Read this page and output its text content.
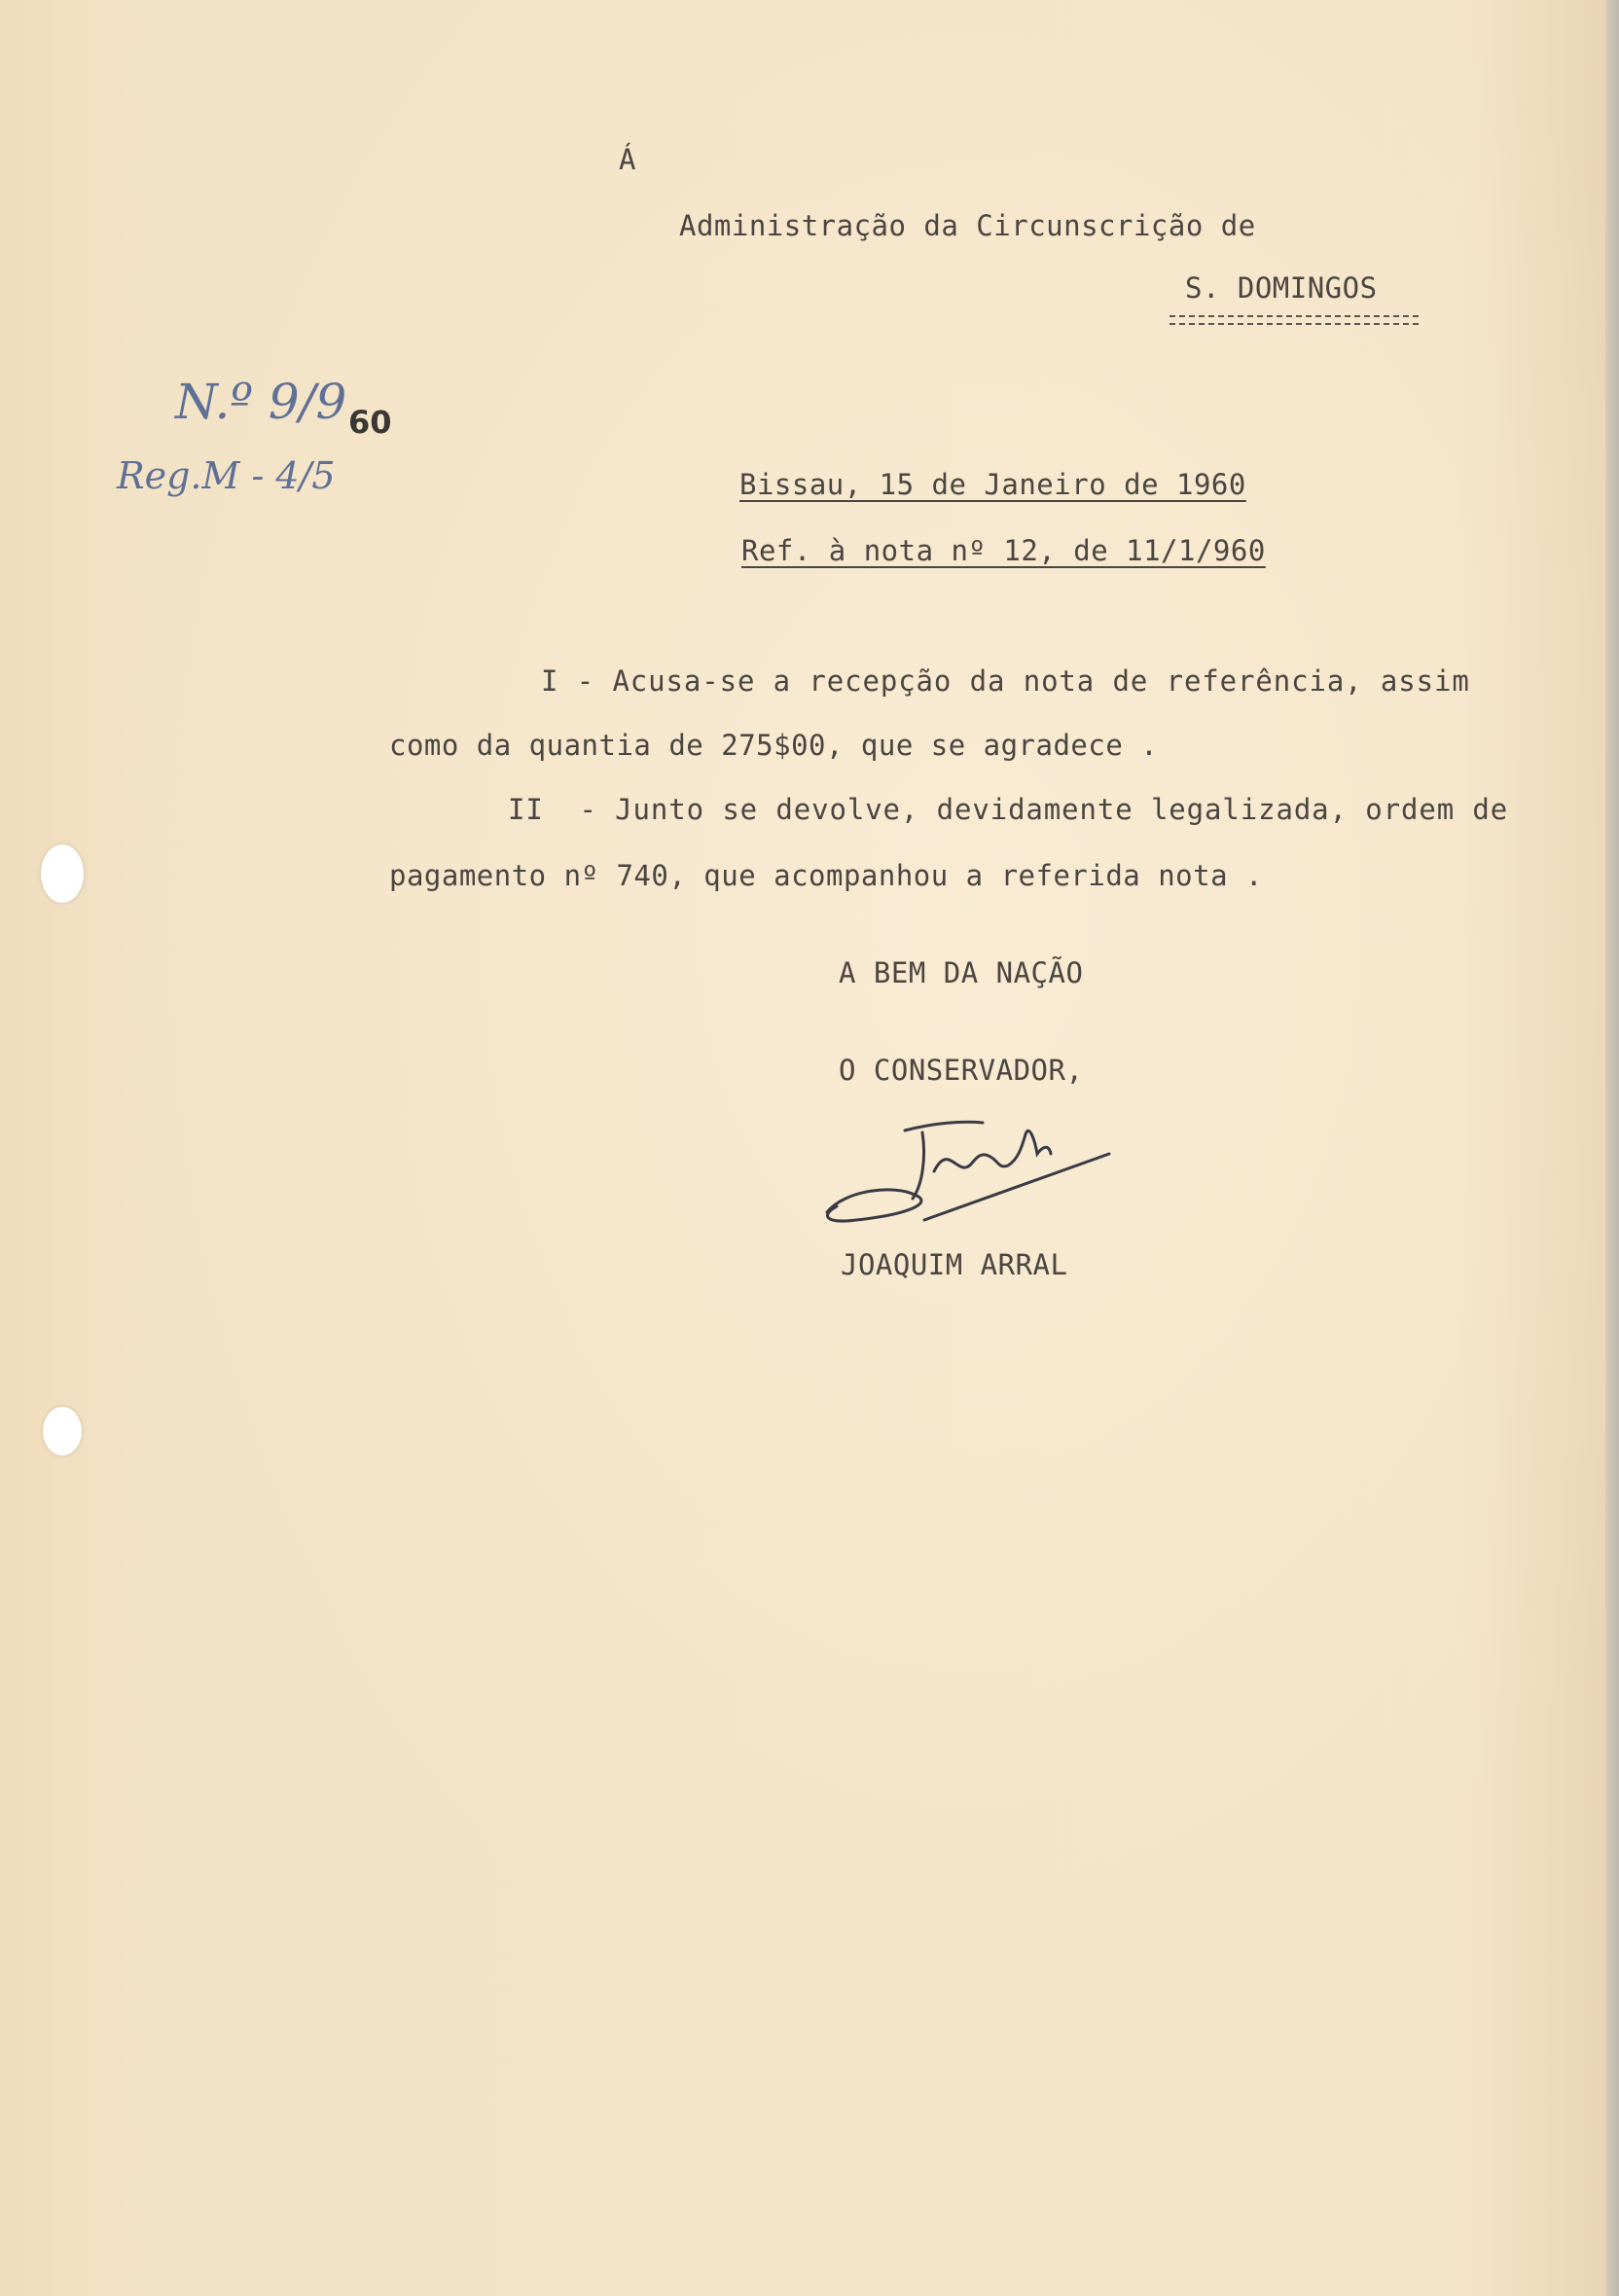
Á
Administração da Circunscrição de
S. DOMINGOS
N.º 9/9 60
Reg.M - 4/5	Bissau, 15 de Janeiro de 1960
Ref. à nota nº 12, de 11/1/960
I - Acusa-se a recepção da nota de referência, assim
como da quantia de 275$00, que se agradece .
II  - Junto se devolve, devidamente legalizada, ordem de
pagamento nº 740, que acompanhou a referida nota .
A BEM DA NAÇÃO
O CONSERVADOR,
JOAQUIM ARRAL
